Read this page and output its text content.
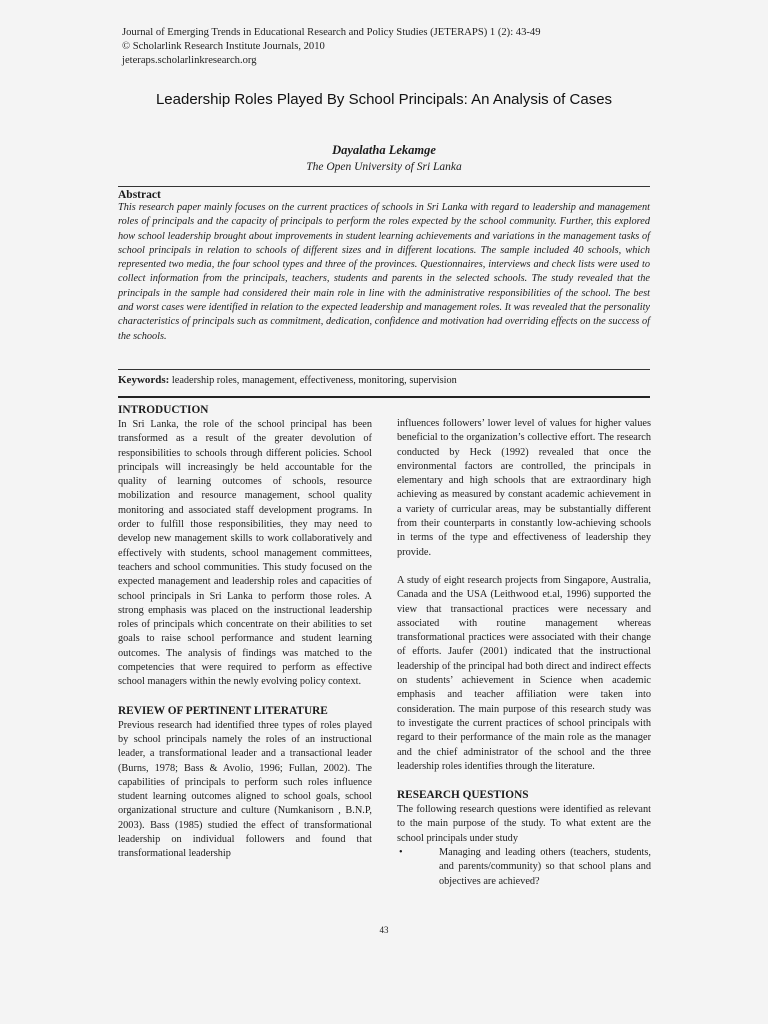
Journal of Emerging Trends in Educational Research and Policy Studies (JETERAPS) 1 (2): 43-49
© Scholarlink Research Institute Journals, 2010
jeteraps.scholarlinkresearch.org
Leadership Roles Played By School Principals: An Analysis of Cases
Dayalatha Lekamge
The Open University of Sri Lanka
Abstract

This research paper mainly focuses on the current practices of schools in Sri Lanka with regard to leadership and management roles of principals and the capacity of principals to perform the roles expected by the school community. Further, this explored how school leadership brought about improvements in student learning achievements and variations in the management tasks of school principals in relation to schools of different sizes and in different locations. The sample included 40 schools, which represented two media, the four school types and three of the provinces. Questionnaires, interviews and check lists were used to collect information from the principals, teachers, students and parents in the selected schools. The study revealed that the principals in the sample had considered their main role in line with the administrative responsibilities of the school. The best and worst cases were identified in relation to the expected leadership and management roles. It was revealed that the personality characteristics of principals such as commitment, dedication, confidence and motivation had overriding effects on the success of the schools.

Keywords: leadership roles, management, effectiveness, monitoring, supervision
INTRODUCTION

In Sri Lanka, the role of the school principal has been transformed as a result of the greater devolution of responsibilities to schools through different policies. School principals will increasingly be held accountable for the quality of learning outcomes of schools, resource mobilization and resource management, school quality monitoring and associated staff development programs. In order to fulfill those responsibilities, they may need to develop new management skills to work collaboratively and effectively with students, school management committees, teachers and school communities. This study focused on the expected management and leadership roles and capacities of school principals in Sri Lanka to perform those roles. A strong emphasis was placed on the instructional leadership roles of principals which concentrate on their abilities to set goals to raise school performance and student learning outcomes. The analysis of findings was matched to the competencies that were required to perform as effective school managers within the newly evolving policy context.

REVIEW OF PERTINENT LITERATURE

Previous research had identified three types of roles played by school principals namely the roles of an instructional leader, a transformational leader and a transactional leader (Burns, 1978; Bass & Avolio, 1996; Fullan, 2002). The capabilities of principals to perform such roles influence student learning outcomes aligned to school goals, school organizational structure and culture (Numkanisorn , B.N.P, 2003). Bass (1985) studied the effect of transformational leadership on individual followers and found that transformational leadership

influences followers’ lower level of values for higher values beneficial to the organization’s collective effort. The research conducted by Heck (1992) revealed that once the environmental factors are controlled, the principals in elementary and high schools that are extraordinary high achieving as measured by constant academic achievement in a variety of curricular areas, may be substantially different from their counterparts in constantly low-achieving schools in terms of the type and effectiveness of leadership they provide.

A study of eight research projects from Singapore, Australia, Canada and the USA (Leithwood et.al, 1996) supported the view that transactional practices were necessary and associated with routine management whereas transformational practices were associated with their change of efforts. Jaufer (2001) indicated that the instructional leadership of the principal had both direct and indirect effects on students’ achievement in Science when academic emphasis and teacher affiliation were taken into consideration. The main purpose of this research study was to investigate the current practices of school principals with regard to their performance of the main role as the manager and the chief administrator of the school and the three leadership roles identifies through the literature.

RESEARCH QUESTIONS

The following research questions were identified as relevant to the main purpose of the study. To what extent are the school principals under study

•	Managing and leading others (teachers, students, and parents/community) so that school plans and objectives are achieved?
43
